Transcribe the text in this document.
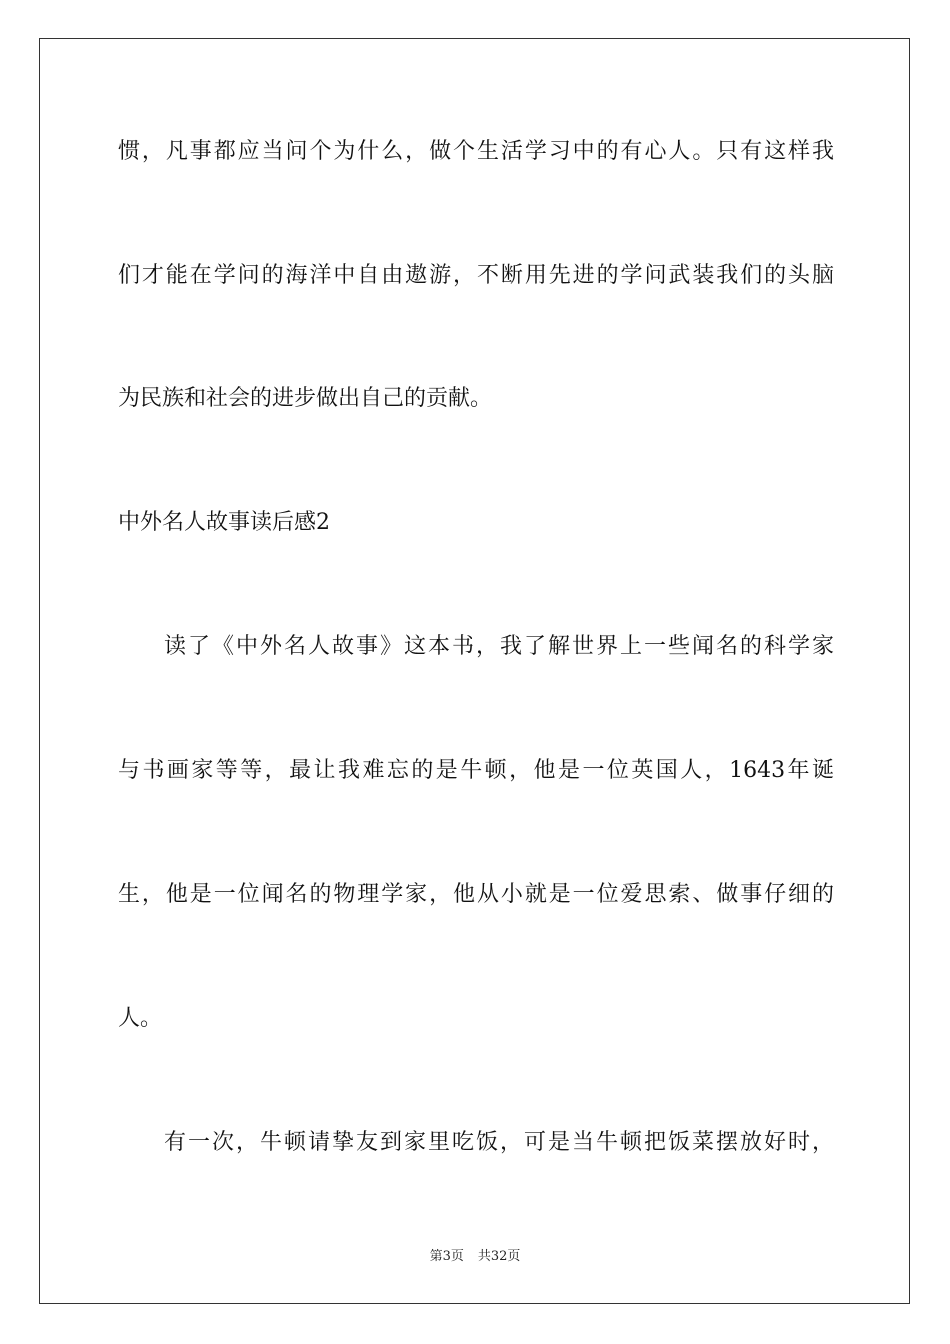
惯，凡事都应当问个为什么，做个生活学习中的有心人。只有这样我
们才能在学问的海洋中自由遨游，不断用先进的学问武装我们的头脑
为民族和社会的进步做出自己的贡献。
中外名人故事读后感2
读了《中外名人故事》这本书，我了解世界上一些闻名的科学家
与书画家等等，最让我难忘的是牛顿，他是一位英国人，1643年诞
生，他是一位闻名的物理学家，他从小就是一位爱思索、做事仔细的
人。
有一次，牛顿请挚友到家里吃饭，可是当牛顿把饭菜摆放好时，
第3页 共32页
